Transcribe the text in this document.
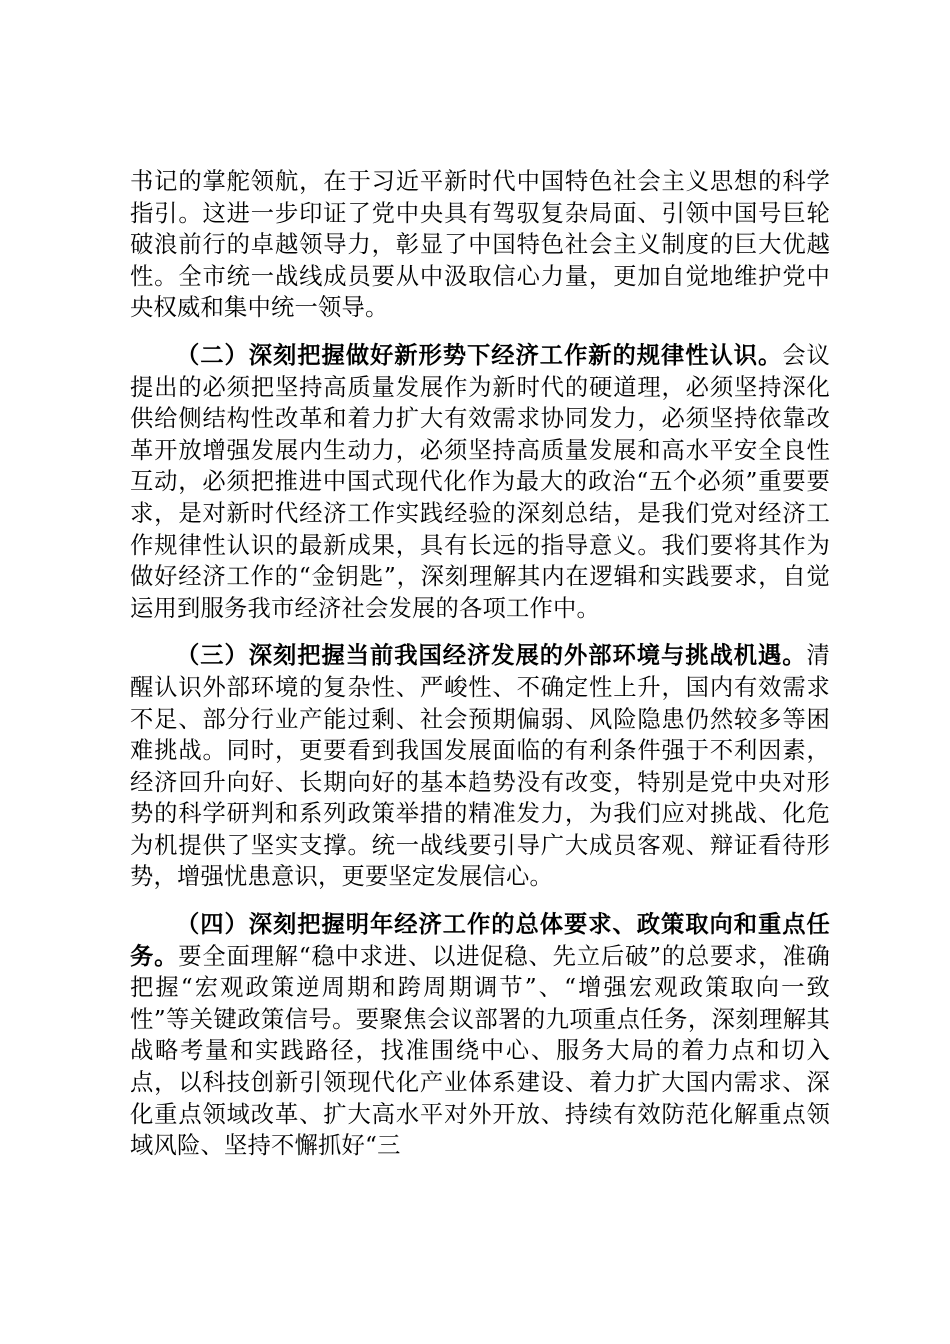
书记的掌舵领航，在于习近平新时代中国特色社会主义思想的科学指引。这进一步印证了党中央具有驾驭复杂局面、引领中国号巨轮破浪前行的卓越领导力，彰显了中国特色社会主义制度的巨大优越性。全市统一战线成员要从中汲取信心力量，更加自觉地维护党中央权威和集中统一领导。

（二）深刻把握做好新形势下经济工作新的规律性认识。会议提出的必须把坚持高质量发展作为新时代的硬道理，必须坚持深化供给侧结构性改革和着力扩大有效需求协同发力，必须坚持依靠改革开放增强发展内生动力，必须坚持高质量发展和高水平安全良性互动，必须把推进中国式现代化作为最大的政治“五个必须”重要要求，是对新时代经济工作实践经验的深刻总结，是我们党对经济工作规律性认识的最新成果，具有长远的指导意义。我们要将其作为做好经济工作的“金钥匙”，深刻理解其内在逻辑和实践要求，自觉运用到服务我市经济社会发展的各项工作中。

（三）深刻把握当前我国经济发展的外部环境与挑战机遇。清醒认识外部环境的复杂性、严峻性、不确定性上升，国内有效需求不足、部分行业产能过剩、社会预期偏弱、风险隐患仍然较多等困难挑战。同时，更要看到我国发展面临的有利条件强于不利因素，经济回升向好、长期向好的基本趋势没有改变，特别是党中央对形势的科学研判和系列政策举措的精准发力，为我们应对挑战、化危为机提供了坚实支撑。统一战线要引导广大成员客观、辩证看待形势，增强忧患意识，更要坚定发展信心。

（四）深刻把握明年经济工作的总体要求、政策取向和重点任务。要全面理解“稳中求进、以进促稳、先立后破”的总要求，准确把握“宏观政策逆周期和跨周期调节”、“增强宏观政策取向一致性”等关键政策信号。要聚焦会议部署的九项重点任务，深刻理解其战略考量和实践路径，找准围绕中心、服务大局的着力点和切入点，以科技创新引领现代化产业体系建设、着力扩大国内需求、深化重点领域改革、扩大高水平对外开放、持续有效防范化解重点领域风险、坚持不懈抓好“三
